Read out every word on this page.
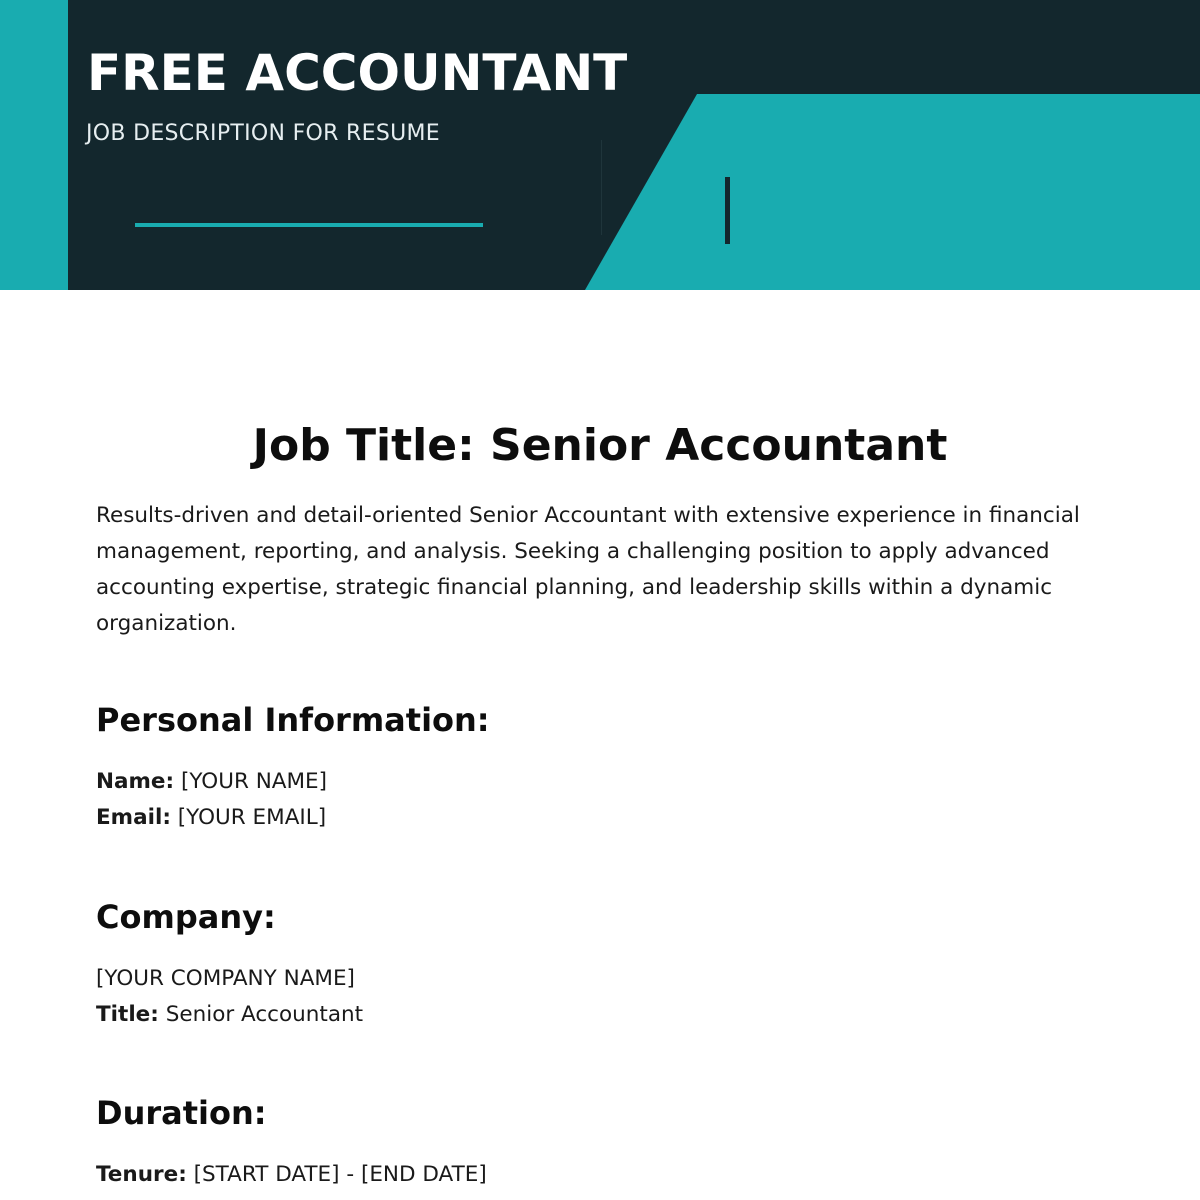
FREE ACCOUNTANT

JOB DESCRIPTION FOR RESUME

Job Title: Senior Accountant

Results-driven and detail-oriented Senior Accountant with extensive experience in financial management, reporting, and analysis. Seeking a challenging position to apply advanced accounting expertise, strategic financial planning, and leadership skills within a dynamic organization.

Personal Information:
Name: [YOUR NAME]
Email: [YOUR EMAIL]
Company:
[YOUR COMPANY NAME]
Title: Senior Accountant
Duration:
Tenure: [START DATE] - [END DATE]
